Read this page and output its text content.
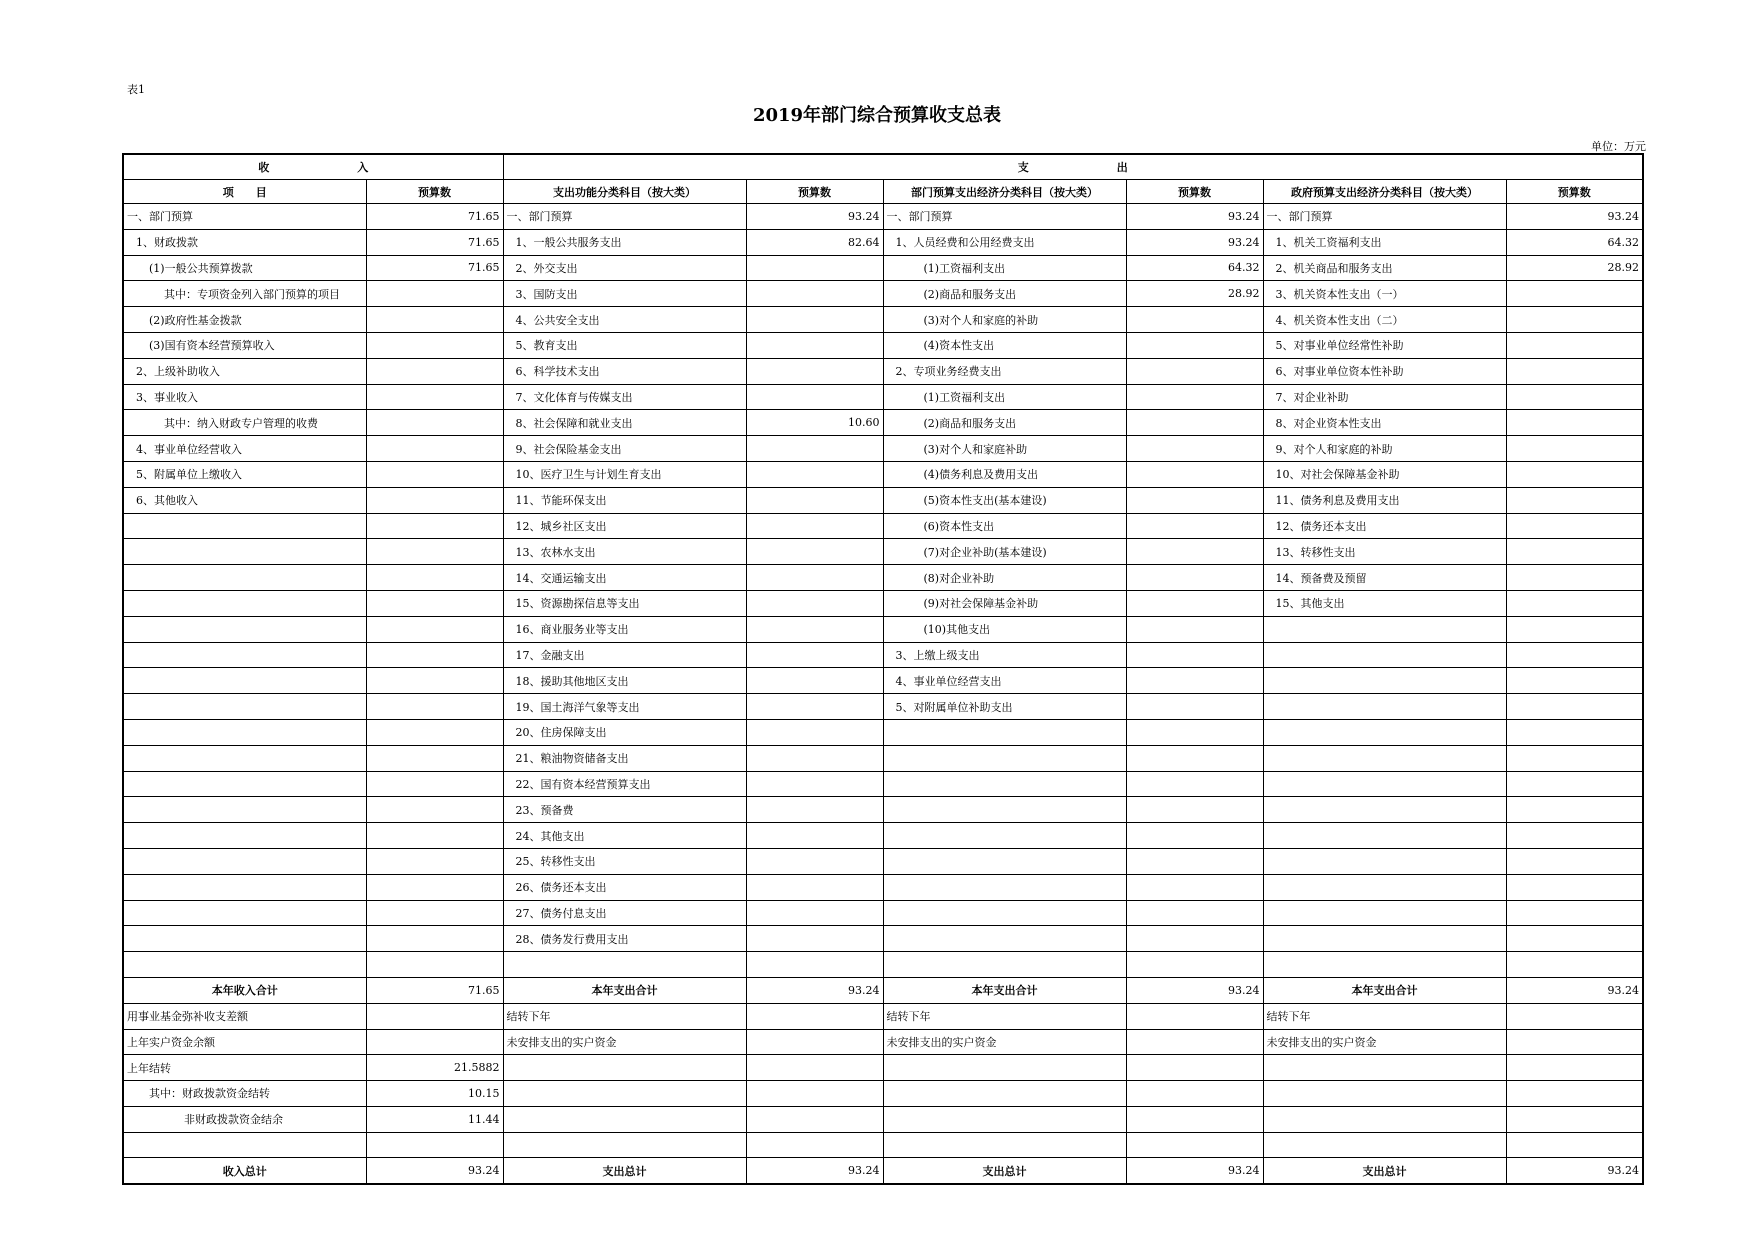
表1
2019年部门综合预算收支总表
单位：万元
收　　　　　　　　入		支　　　　　　　　出					
项　　目	预算数	支出功能分类科目（按大类）	预算数	部门预算支出经济分类科目（按大类）	预算数	政府预算支出经济分类科目（按大类）	预算数
一、部门预算	71.65	一、部门预算	93.24	一、部门预算	93.24	一、部门预算	93.24
1、财政拨款	71.65	1、一般公共服务支出	82.64	1、人员经费和公用经费支出	93.24	1、机关工资福利支出	64.32
(1)一般公共预算拨款	71.65	2、外交支出		(1)工资福利支出	64.32	2、机关商品和服务支出	28.92
其中：专项资金列入部门预算的项目		3、国防支出		(2)商品和服务支出	28.92	3、机关资本性支出（一）	
(2)政府性基金拨款		4、公共安全支出		(3)对个人和家庭的补助		4、机关资本性支出（二）	
(3)国有资本经营预算收入		5、教育支出		(4)资本性支出		5、对事业单位经常性补助	
2、上级补助收入		6、科学技术支出		2、专项业务经费支出		6、对事业单位资本性补助	
3、事业收入		7、文化体育与传媒支出		(1)工资福利支出		7、对企业补助	
其中：纳入财政专户管理的收费		8、社会保障和就业支出	10.60	(2)商品和服务支出		8、对企业资本性支出	
4、事业单位经营收入		9、社会保险基金支出		(3)对个人和家庭补助		9、对个人和家庭的补助	
5、附属单位上缴收入		10、医疗卫生与计划生育支出		(4)债务利息及费用支出		10、对社会保障基金补助	
6、其他收入		11、节能环保支出		(5)资本性支出(基本建设)		11、债务利息及费用支出	
		12、城乡社区支出		(6)资本性支出		12、债务还本支出	
		13、农林水支出		(7)对企业补助(基本建设)		13、转移性支出	
		14、交通运输支出		(8)对企业补助		14、预备费及预留	
		15、资源勘探信息等支出		(9)对社会保障基金补助		15、其他支出	
		16、商业服务业等支出		(10)其他支出			
		17、金融支出		3、上缴上级支出			
		18、援助其他地区支出		4、事业单位经营支出			
		19、国土海洋气象等支出		5、对附属单位补助支出			
		20、住房保障支出					
		21、粮油物资储备支出					
		22、国有资本经营预算支出					
		23、预备费					
		24、其他支出					
		25、转移性支出					
		26、债务还本支出					
		27、债务付息支出					
		28、债务发行费用支出					

本年收入合计	71.65	本年支出合计	93.24	本年支出合计	93.24	本年支出合计	93.24
用事业基金弥补收支差额		结转下年		结转下年		结转下年	
上年实户资金余额		未安排支出的实户资金		未安排支出的实户资金		未安排支出的实户资金	
上年结转	21.5882						
其中：财政拨款资金结转	10.15						
非财政拨款资金结余	11.44						

收入总计	93.24	支出总计	93.24	支出总计	93.24	支出总计	93.24
